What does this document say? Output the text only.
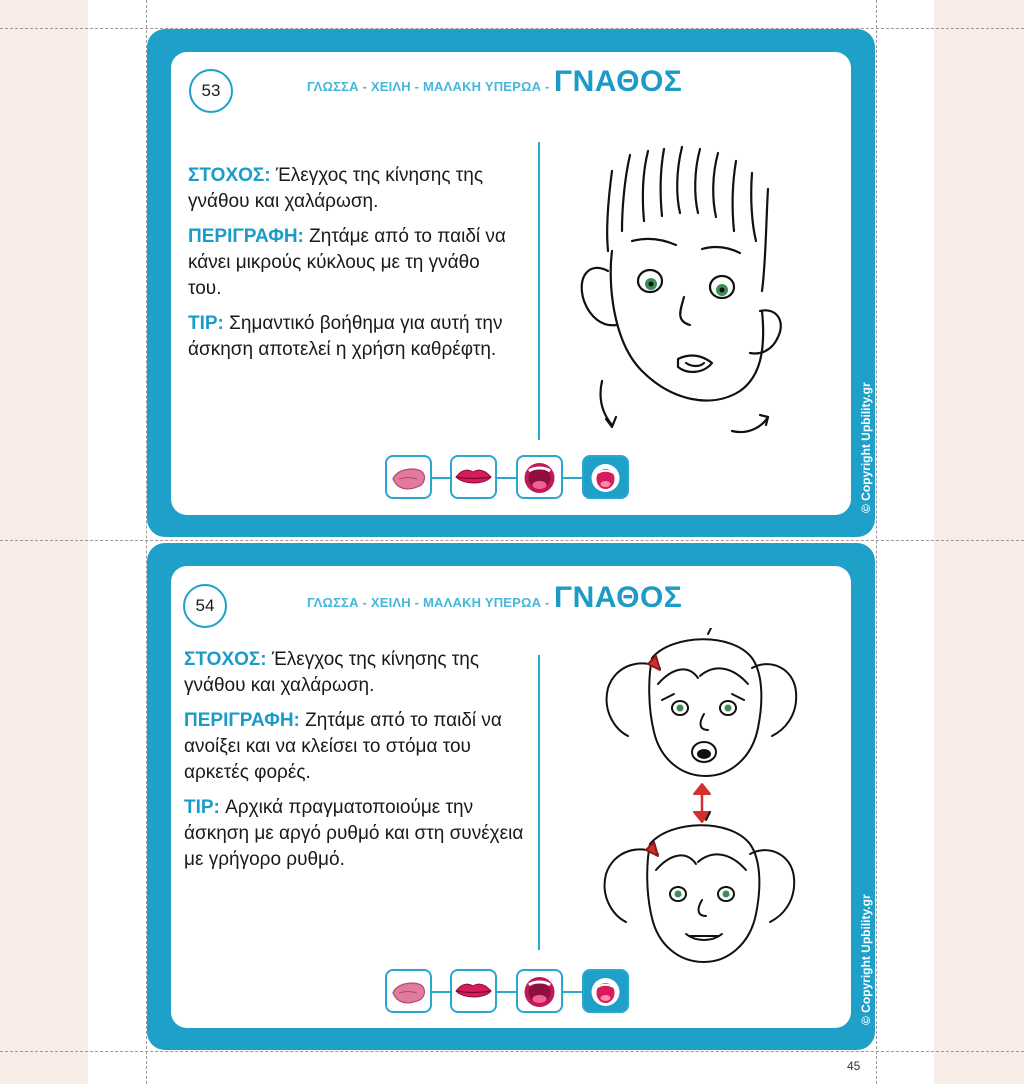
53	ΓΛΩΣΣΑ - ΧΕΙΛΗ - ΜΑΛΑΚΗ ΥΠΕΡΩΑ - ΓΝΑΘΟΣ

ΣΤΟΧΟΣ: Έλεγχος της κίνησης της γνάθου και χαλάρωση.

ΠΕΡΙΓΡΑΦΗ: Ζητάμε από το παιδί να κάνει μικρούς κύκλους με τη γνάθο του.

TIP: Σημαντικό βοήθημα για αυτή την άσκηση αποτελεί η χρήση καθρέφτη.

© Copyright Upbility.gr
54	ΓΛΩΣΣΑ - ΧΕΙΛΗ - ΜΑΛΑΚΗ ΥΠΕΡΩΑ - ΓΝΑΘΟΣ

ΣΤΟΧΟΣ: Έλεγχος της κίνησης της γνάθου και χαλάρωση.

ΠΕΡΙΓΡΑΦΗ: Ζητάμε από το παιδί να ανοίξει και να κλείσει το στόμα του αρκετές φορές.

TIP: Αρχικά πραγματοποιούμε την άσκηση με αργό ρυθμό και στη συνέχεια με γρήγορο ρυθμό.

© Copyright Upbility.gr
45
